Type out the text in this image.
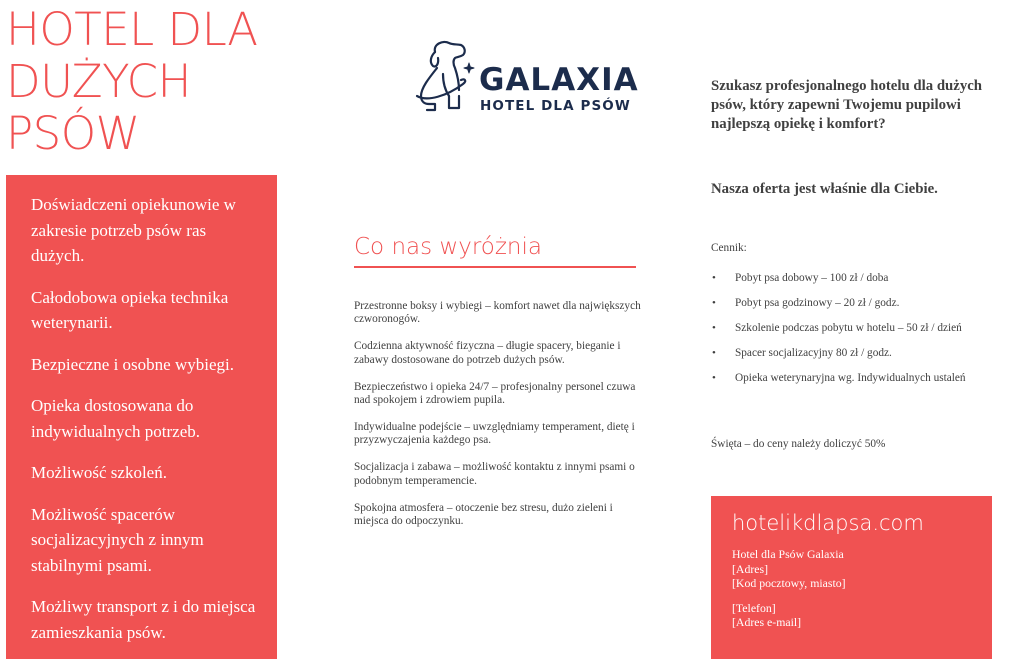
HOTEL DLA
DUŻYCH
PSÓW

Doświadczeni opiekunowie w zakresie potrzeb psów ras dużych.

Całodobowa opieka technika weterynarii.

Bezpieczne i osobne wybiegi.

Opieka dostosowana do indywidualnych potrzeb.

Możliwość szkoleń.

Możliwość spacerów socjalizacyjnych z innym stabilnymi psami.

Możliwy transport z i do miejsca zamieszkania psów.

GALAXIA
HOTEL DLA PSÓW
Co nas wyróżnia

Przestronne boksy i wybiegi – komfort nawet dla największych czworonogów.

Codzienna aktywność fizyczna – długie spacery, bieganie i zabawy dostosowane do potrzeb dużych psów.

Bezpieczeństwo i opieka 24/7 – profesjonalny personel czuwa nad spokojem i zdrowiem pupila.

Indywidualne podejście – uwzględniamy temperament, dietę i przyzwyczajenia każdego psa.

Socjalizacja i zabawa – możliwość kontaktu z innymi psami o podobnym temperamencie.

Spokojna atmosfera – otoczenie bez stresu, dużo zieleni i miejsca do odpoczynku.

Szukasz profesjonalnego hotelu dla dużych psów, który zapewni Twojemu pupilowi najlepszą opiekę i komfort?

Nasza oferta jest właśnie dla Ciebie.

Cennik:

• Pobyt psa dobowy – 100 zł / doba
• Pobyt psa godzinowy – 20 zł / godz.
• Szkolenie podczas pobytu w hotelu – 50 zł / dzień
• Spacer socjalizacyjny 80 zł / godz.
• Opieka weterynaryjna wg. Indywidualnych ustaleń

Święta – do ceny należy doliczyć 50%

hotelikdlapsa.com
Hotel dla Psów Galaxia
[Adres]
[Kod pocztowy, miasto]
[Telefon]
[Adres e-mail]
